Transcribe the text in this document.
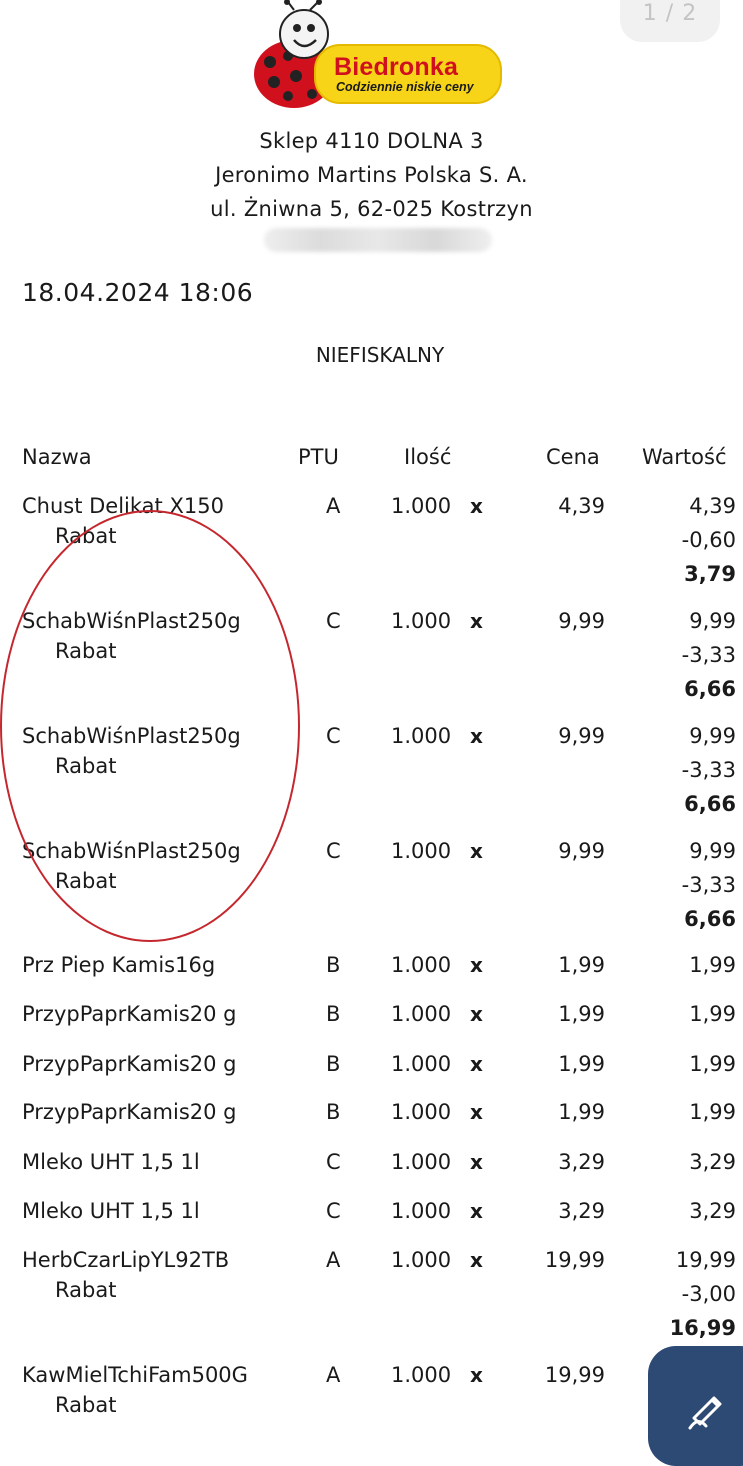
1 / 2
Biedronka
Codziennie niskie ceny
Sklep 4110 DOLNA 3
Jeronimo Martins Polska S. A.
ul. Żniwna 5, 62-025 Kostrzyn
18.04.2024 18:06
NIEFISKALNY
Nazwa	PTU	Ilość	Cena Wartość
Chust Delikat X150	A 1.000 x	4,39	4,39
Rabat	-0,60
3,79
SchabWiśnPlast250g	C 1.000 x	9,99	9,99
Rabat	-3,33
6,66
SchabWiśnPlast250g	C 1.000 x	9,99	9,99
Rabat	-3,33
6,66
SchabWiśnPlast250g	C 1.000 x	9,99	9,99
Rabat	-3,33
6,66
Prz Piep Kamis16g	B 1.000 x	1,99	1,99
PrzypPaprKamis20 g	B 1.000 x	1,99	1,99
PrzypPaprKamis20 g	B 1.000 x	1,99	1,99
PrzypPaprKamis20 g	B 1.000 x	1,99	1,99
Mleko UHT 1,5 1l	C 1.000 x	3,29	3,29
Mleko UHT 1,5 1l	C 1.000 x	3,29	3,29
HerbCzarLipYL92TB	A 1.000 x	19,99	19,99
Rabat	-3,00
16,99
KawMielTchiFam500G	A 1.000 x	19,99
Rabat
